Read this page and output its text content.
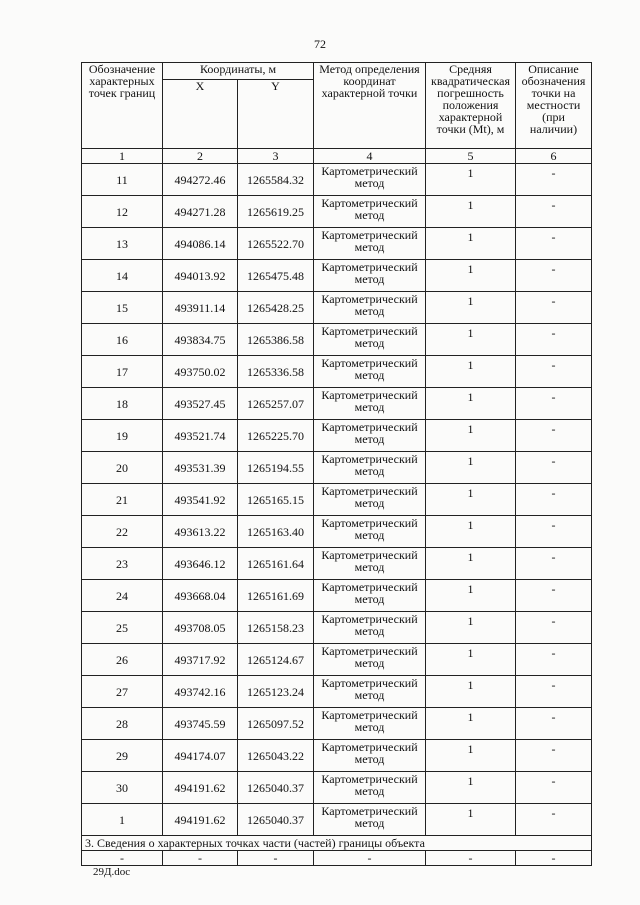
72
Обозначение характерных точек границ	Координаты, м		Метод определения координат характерной точки	Средняя квадратическая погрешность положения характерной точки (Mt), м	Описание обозначения точки на местности (при наличии)
	X	Y			
1	2	3	4	5	6
11	494272.46	1265584.32	Картометрический метод	1	-
12	494271.28	1265619.25	Картометрический метод	1	-
13	494086.14	1265522.70	Картометрический метод	1	-
14	494013.92	1265475.48	Картометрический метод	1	-
15	493911.14	1265428.25	Картометрический метод	1	-
16	493834.75	1265386.58	Картометрический метод	1	-
17	493750.02	1265336.58	Картометрический метод	1	-
18	493527.45	1265257.07	Картометрический метод	1	-
19	493521.74	1265225.70	Картометрический метод	1	-
20	493531.39	1265194.55	Картометрический метод	1	-
21	493541.92	1265165.15	Картометрический метод	1	-
22	493613.22	1265163.40	Картометрический метод	1	-
23	493646.12	1265161.64	Картометрический метод	1	-
24	493668.04	1265161.69	Картометрический метод	1	-
25	493708.05	1265158.23	Картометрический метод	1	-
26	493717.92	1265124.67	Картометрический метод	1	-
27	493742.16	1265123.24	Картометрический метод	1	-
28	493745.59	1265097.52	Картометрический метод	1	-
29	494174.07	1265043.22	Картометрический метод	1	-
30	494191.62	1265040.37	Картометрический метод	1	-
1	494191.62	1265040.37	Картометрический метод	1	-
3. Сведения о характерных точках части (частей) границы объекта					
-	-	-	-	-	-
29Д.doc
